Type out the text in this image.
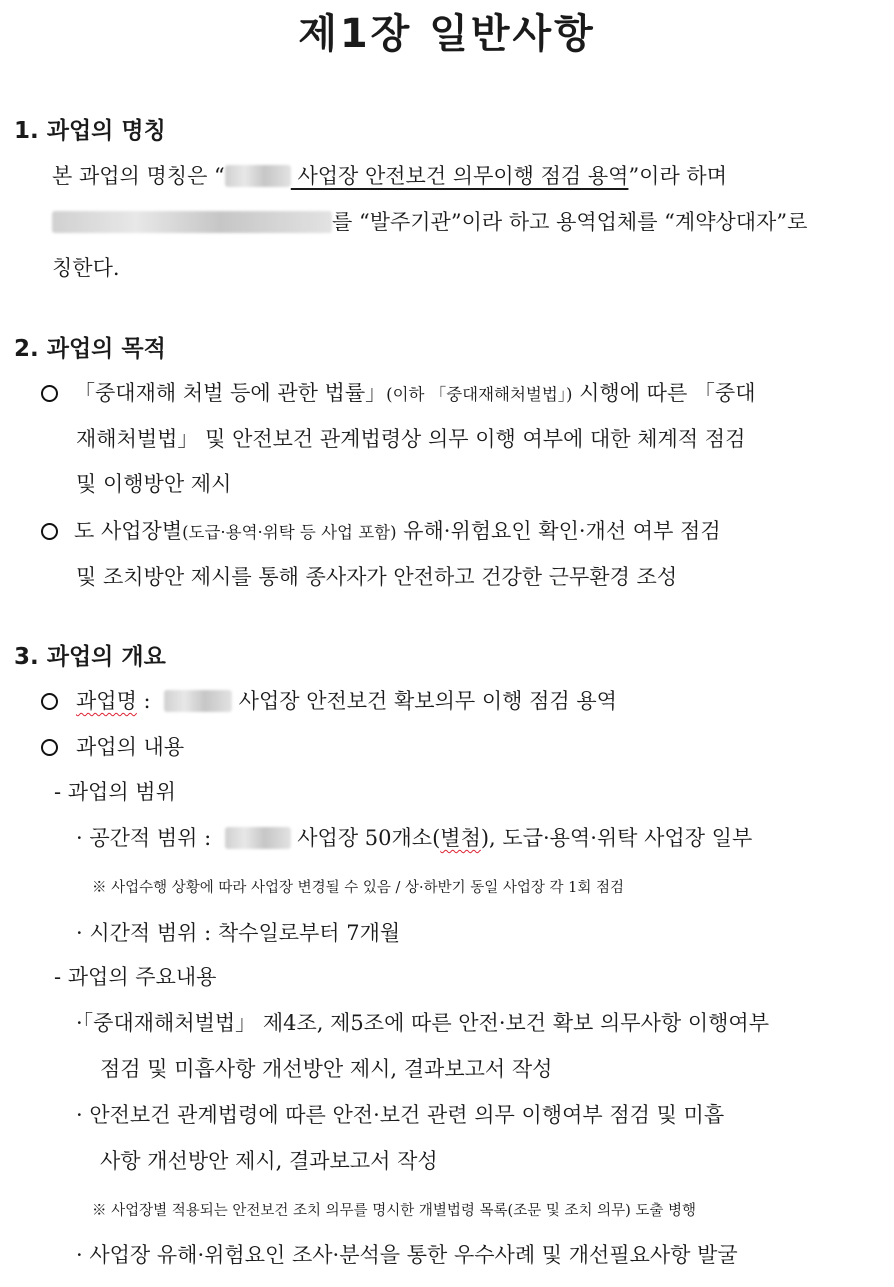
제1장 일반사항
1. 과업의 명칭
본 과업의 명칭은 “	사업장 안전보건 의무이행 점검 용역”이라 하며
를 “발주기관”이라 하고 용역업체를 “계약상대자”로
칭한다.
2. 과업의 목적
「중대재해 처벌 등에 관한 법률」(이하 「중대재해처벌법」) 시행에 따른 「중대
재해처벌법」 및 안전보건 관계법령상 의무 이행 여부에 대한 체계적 점검
및 이행방안 제시
도 사업장별(도급·용역·위탁 등 사업 포함) 유해·위험요인 확인·개선 여부 점검
및 조치방안 제시를 통해 종사자가 안전하고 건강한 근무환경 조성
3. 과업의 개요
과업명 :	사업장 안전보건 확보의무 이행 점검 용역
과업의 내용
- 과업의 범위
· 공간적 범위 :	사업장 50개소(별첨), 도급·용역·위탁 사업장 일부
※ 사업수행 상황에 따라 사업장 변경될 수 있음 / 상·하반기 동일 사업장 각 1회 점검
· 시간적 범위 : 착수일로부터 7개월
- 과업의 주요내용
·「중대재해처벌법」 제4조, 제5조에 따른 안전·보건 확보 의무사항 이행여부
점검 및 미흡사항 개선방안 제시, 결과보고서 작성
· 안전보건 관계법령에 따른 안전·보건 관련 의무 이행여부 점검 및 미흡
사항 개선방안 제시, 결과보고서 작성
※ 사업장별 적용되는 안전보건 조치 의무를 명시한 개별법령 목록(조문 및 조치 의무) 도출 병행
· 사업장 유해·위험요인 조사·분석을 통한 우수사례 및 개선필요사항 발굴
